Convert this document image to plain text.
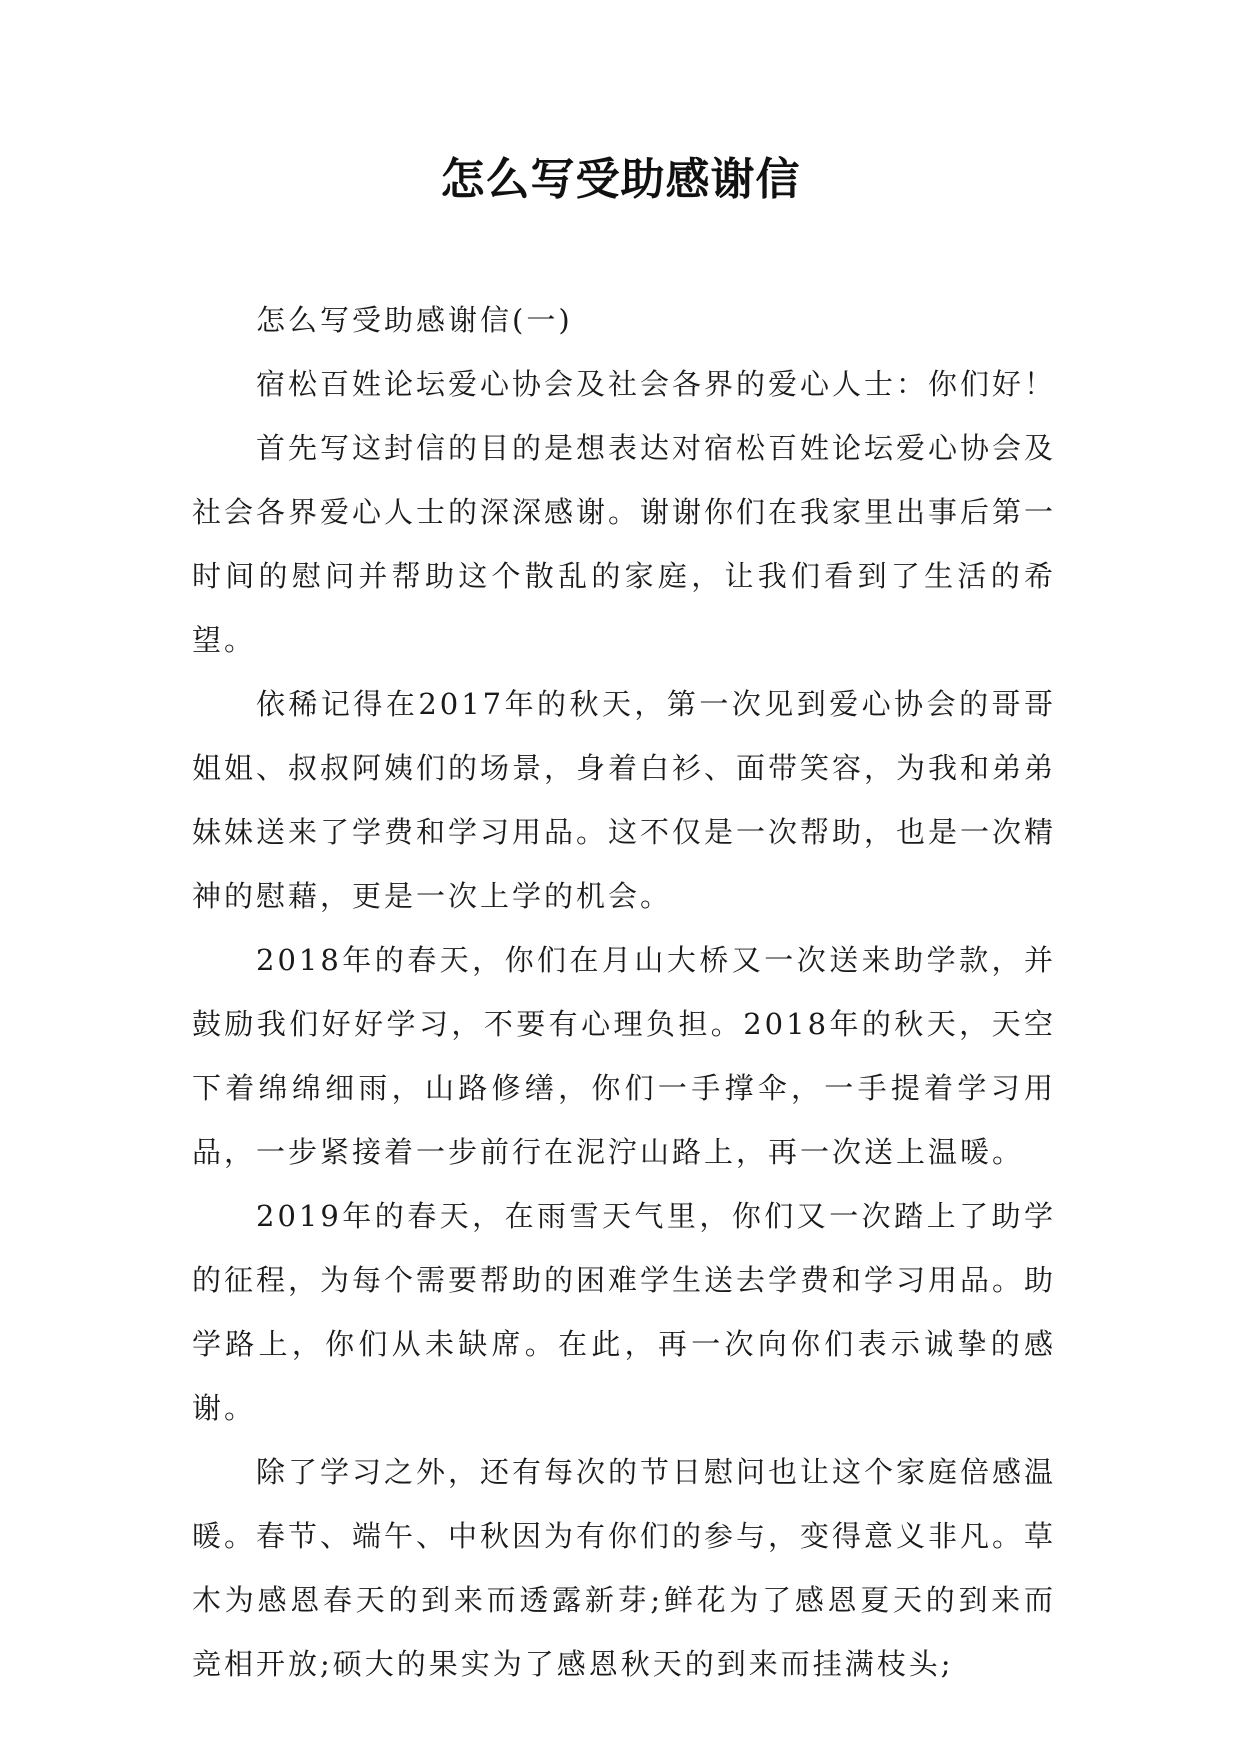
怎么写受助感谢信

怎么写受助感谢信(一)

宿松百姓论坛爱心协会及社会各界的爱心人士：你们好！

首先写这封信的目的是想表达对宿松百姓论坛爱心协会及社会各界爱心人士的深深感谢。谢谢你们在我家里出事后第一时间的慰问并帮助这个散乱的家庭，让我们看到了生活的希望。

依稀记得在2017年的秋天，第一次见到爱心协会的哥哥姐姐、叔叔阿姨们的场景，身着白衫、面带笑容，为我和弟弟妹妹送来了学费和学习用品。这不仅是一次帮助，也是一次精神的慰藉，更是一次上学的机会。

2018年的春天，你们在月山大桥又一次送来助学款，并鼓励我们好好学习，不要有心理负担。2018年的秋天，天空下着绵绵细雨，山路修缮，你们一手撑伞，一手提着学习用品，一步紧接着一步前行在泥泞山路上，再一次送上温暖。

2019年的春天，在雨雪天气里，你们又一次踏上了助学的征程，为每个需要帮助的困难学生送去学费和学习用品。助学路上，你们从未缺席。在此，再一次向你们表示诚挚的感谢。

除了学习之外，还有每次的节日慰问也让这个家庭倍感温暖。春节、端午、中秋因为有你们的参与，变得意义非凡。草木为感恩春天的到来而透露新芽;鲜花为了感恩夏天的到来而竞相开放;硕大的果实为了感恩秋天的到来而挂满枝头;
